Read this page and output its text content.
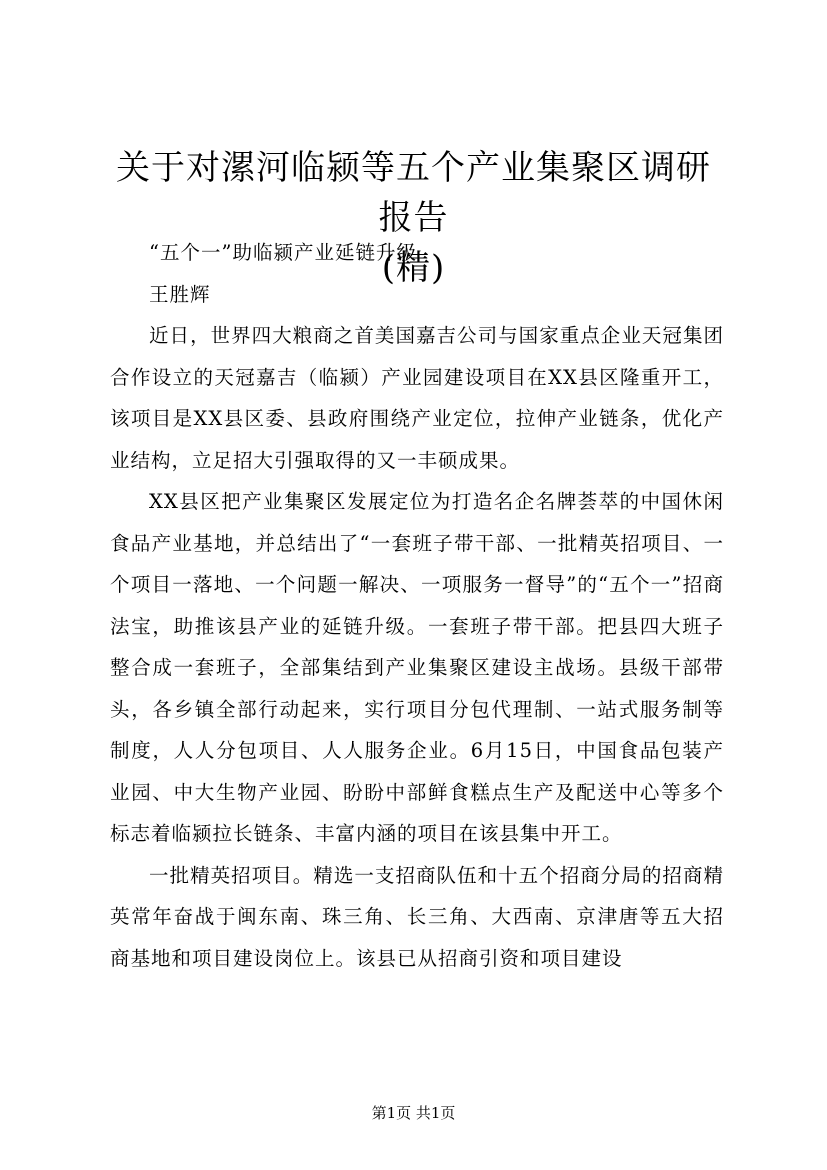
关于对漯河临颍等五个产业集聚区调研报告
(精)

“五个一”助临颍产业延链升级

王胜辉

近日，世界四大粮商之首美国嘉吉公司与国家重点企业天冠集团合作设立的天冠嘉吉（临颍）产业园建设项目在XX县区隆重开工，该项目是XX县区委、县政府围绕产业定位，拉伸产业链条，优化产业结构，立足招大引强取得的又一丰硕成果。

XX县区把产业集聚区发展定位为打造名企名牌荟萃的中国休闲食品产业基地，并总结出了“一套班子带干部、一批精英招项目、一个项目一落地、一个问题一解决、一项服务一督导”的“五个一”招商法宝，助推该县产业的延链升级。一套班子带干部。把县四大班子整合成一套班子，全部集结到产业集聚区建设主战场。县级干部带头，各乡镇全部行动起来，实行项目分包代理制、一站式服务制等制度，人人分包项目、人人服务企业。6月15日，中国食品包装产业园、中大生物产业园、盼盼中部鲜食糕点生产及配送中心等多个标志着临颍拉长链条、丰富内涵的项目在该县集中开工。

一批精英招项目。精选一支招商队伍和十五个招商分局的招商精英常年奋战于闽东南、珠三角、长三角、大西南、京津唐等五大招商基地和项目建设岗位上。该县已从招商引资和项目建设

第1页 共1页
